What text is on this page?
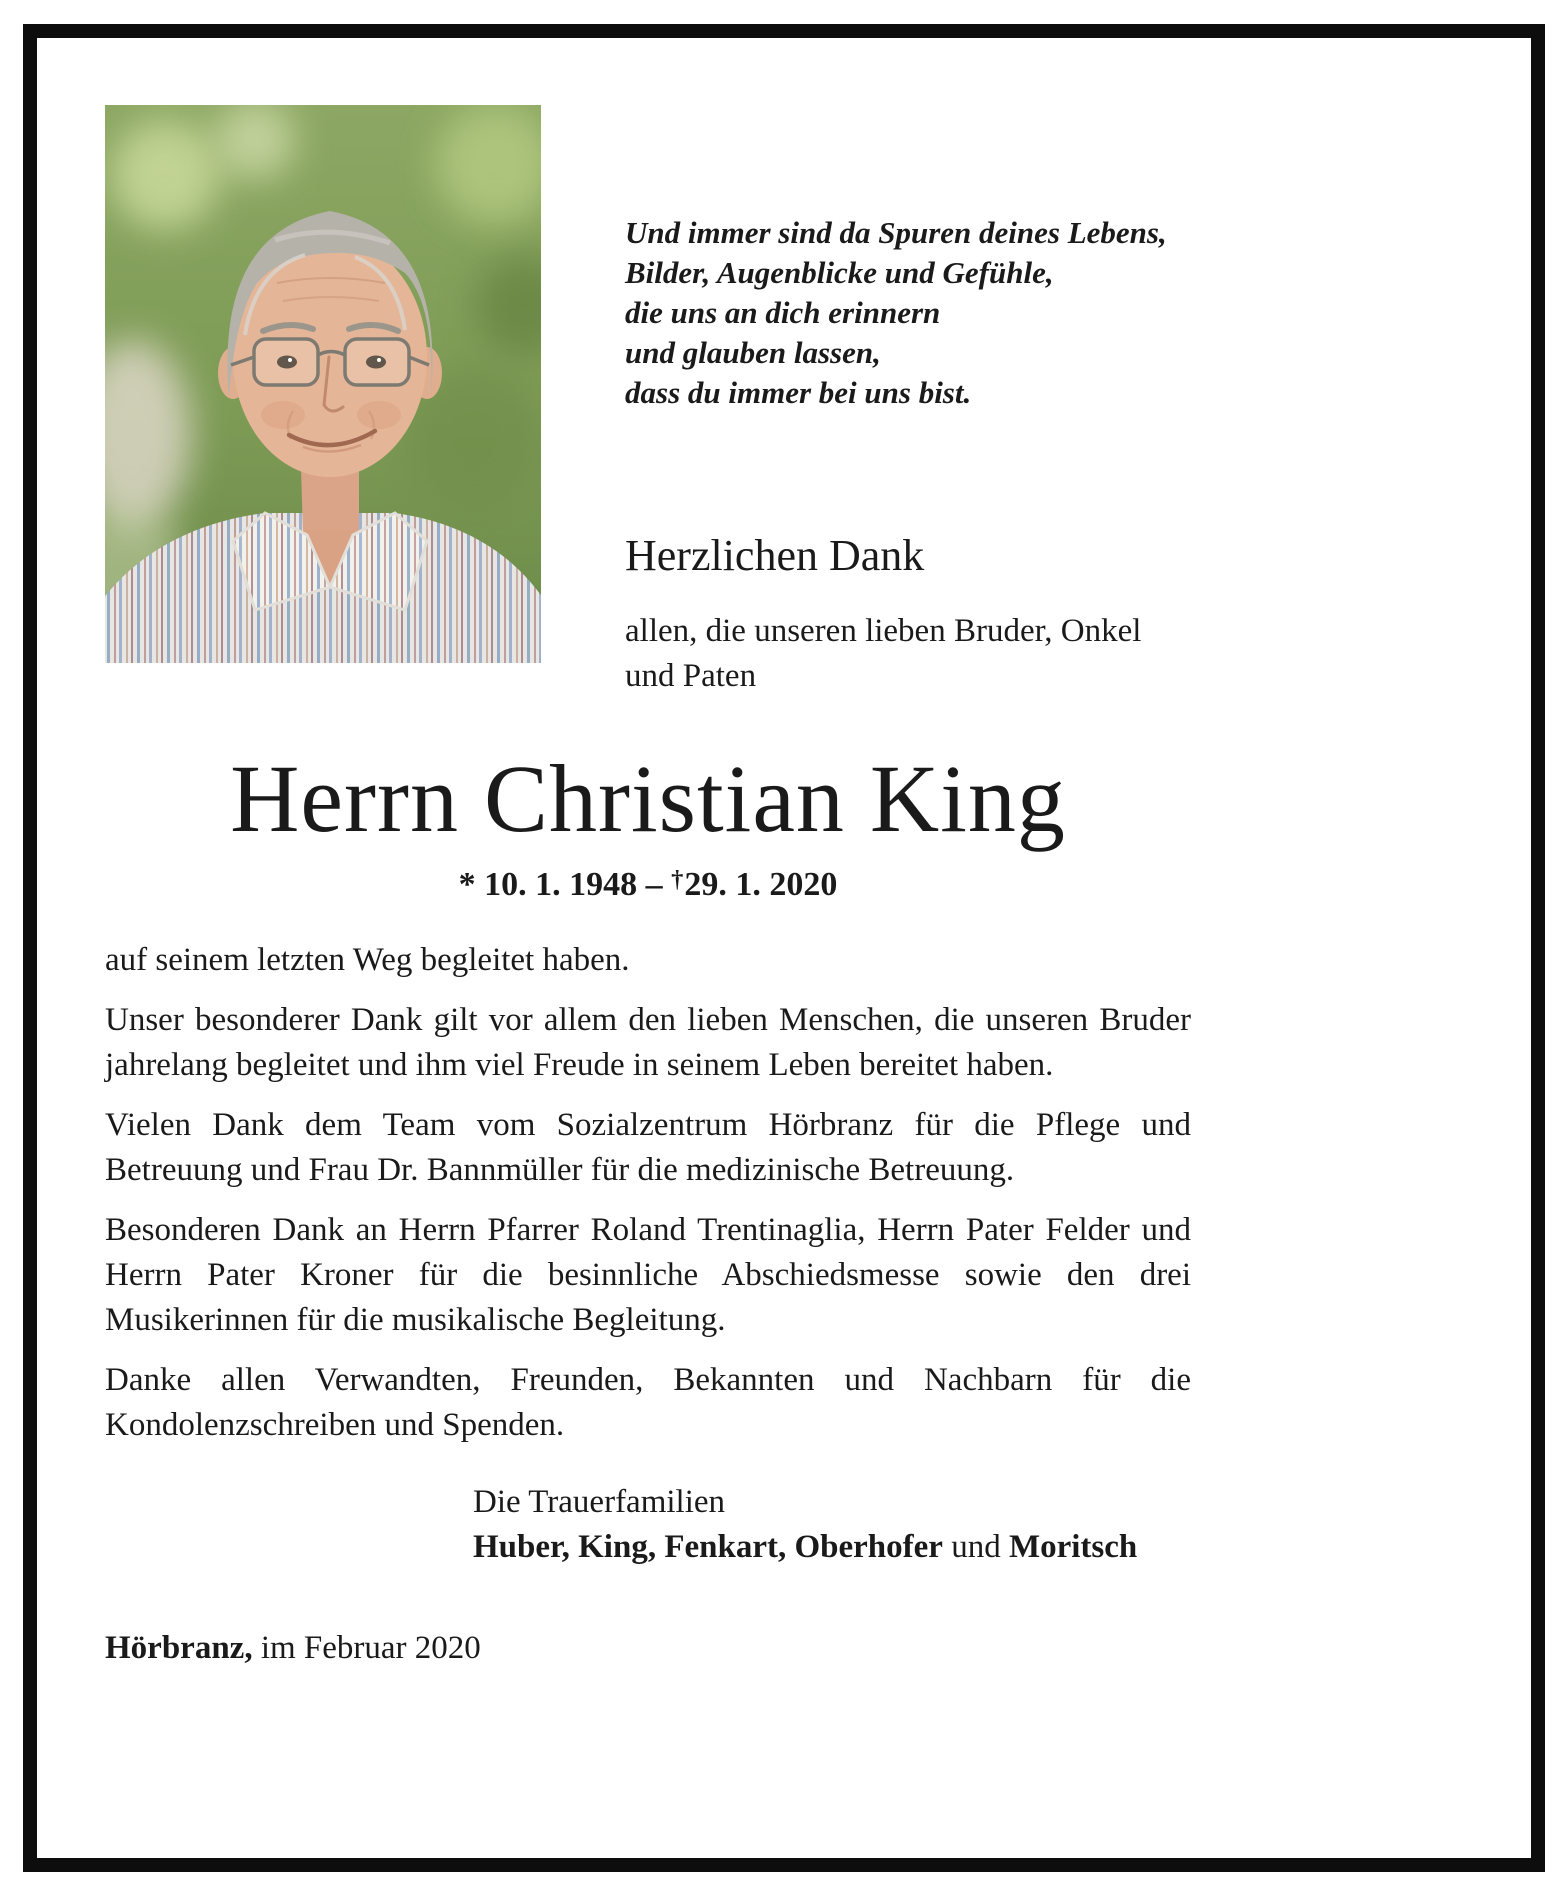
Und immer sind da Spuren deines Lebens,
Bilder, Augenblicke und Gefühle,
die uns an dich erinnern
und glauben lassen,
dass du immer bei uns bist.
Herzlichen Dank
allen, die unseren lieben Bruder, Onkel und Paten
Herrn Christian King
* 10. 1. 1948 – †29. 1. 2020

auf seinem letzten Weg begleitet haben.

Unser besonderer Dank gilt vor allem den lieben Menschen, die unseren Bruder jahrelang begleitet und ihm viel Freude in seinem Leben bereitet haben.

Vielen Dank dem Team vom Sozialzentrum Hörbranz für die Pflege und Betreuung und Frau Dr. Bannmüller für die medizinische Betreuung.

Besonderen Dank an Herrn Pfarrer Roland Trentinaglia, Herrn Pater Felder und Herrn Pater Kroner für die besinnliche Abschiedsmesse sowie den drei Musikerinnen für die musikalische Begleitung.

Danke allen Verwandten, Freunden, Bekannten und Nachbarn für die Kondolenzschreiben und Spenden.

Die Trauerfamilien
Huber, King, Fenkart, Oberhofer und Moritsch
Hörbranz, im Februar 2020
